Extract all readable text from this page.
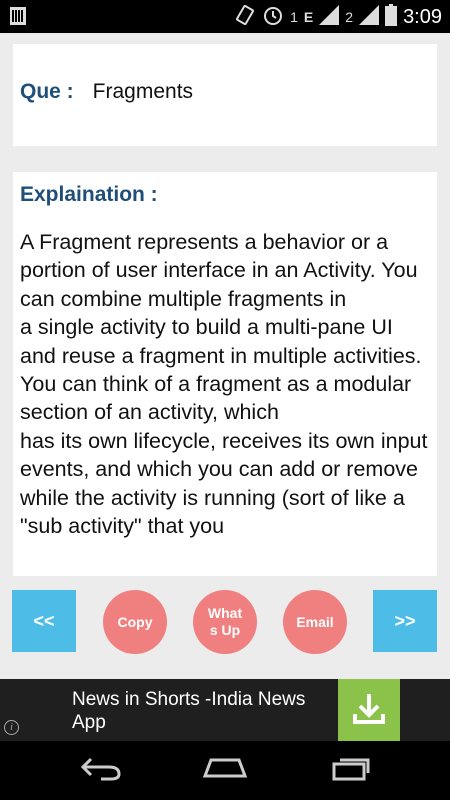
1 E 2	3:09
Que : Fragments
Explaination :
A Fragment represents a behavior or a portion of user interface in an Activity. You can combine multiple fragments in
a single activity to build a multi-pane UI and reuse a fragment in multiple activities. You can think of a fragment as a modular section of an activity, which
has its own lifecycle, receives its own input events, and which you can add or remove while the activity is running (sort of like a "sub activity" that you
<<	Copy
Whats Up
Email	>>
News in Shorts -India News App
i
